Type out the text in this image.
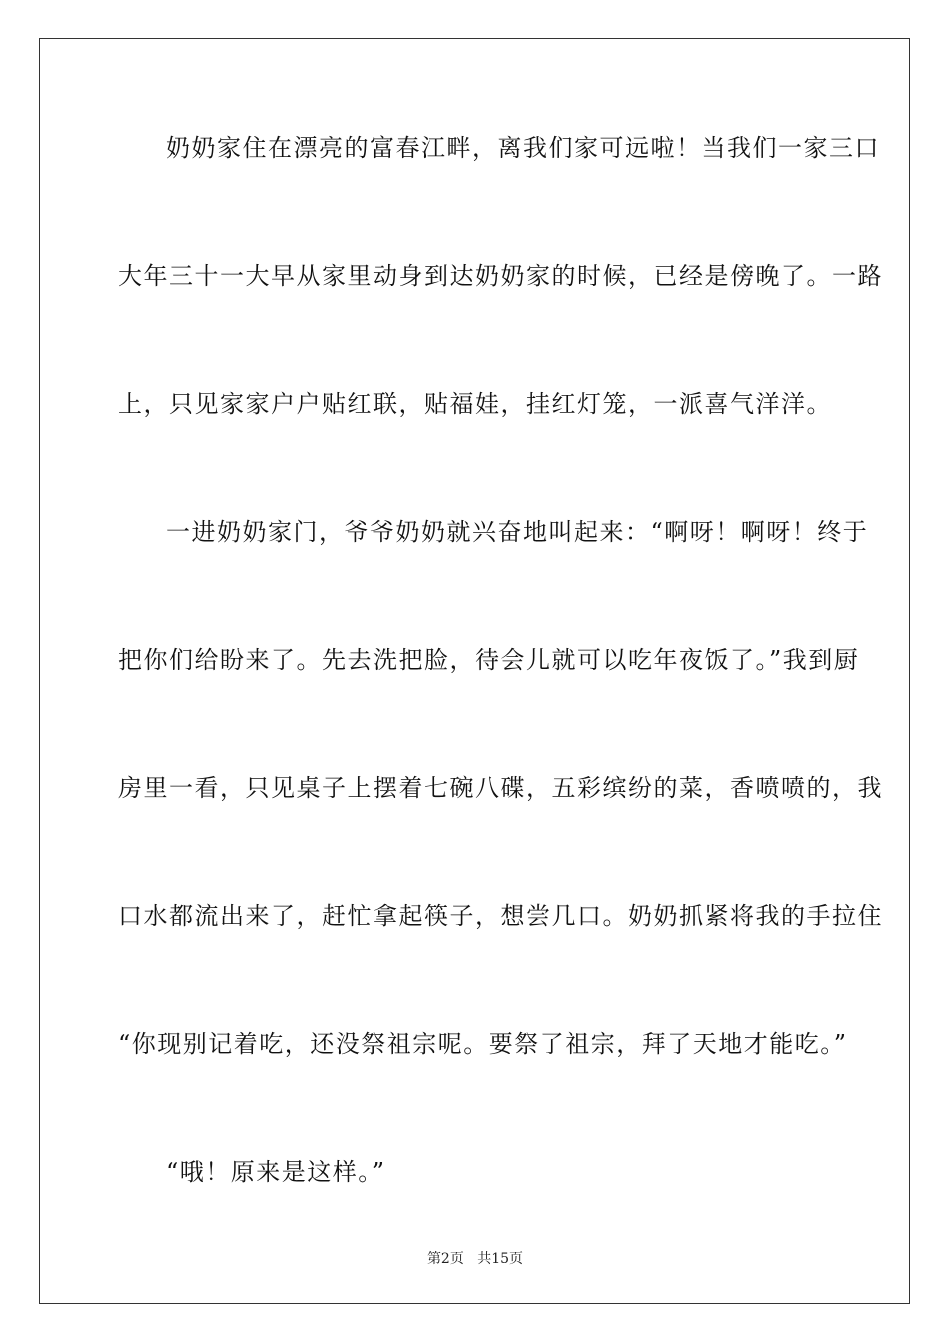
奶奶家住在漂亮的富春江畔，离我们家可远啦！当我们一家三口
大年三十一大早从家里动身到达奶奶家的时候，已经是傍晚了。一路
上，只见家家户户贴红联，贴福娃，挂红灯笼，一派喜气洋洋。
一进奶奶家门，爷爷奶奶就兴奋地叫起来：“啊呀！啊呀！终于
把你们给盼来了。先去洗把脸，待会儿就可以吃年夜饭了。”我到厨
房里一看，只见桌子上摆着七碗八碟，五彩缤纷的菜，香喷喷的，我
口水都流出来了，赶忙拿起筷子，想尝几口。奶奶抓紧将我的手拉住
“你现别记着吃，还没祭祖宗呢。要祭了祖宗，拜了天地才能吃。”
“哦！原来是这样。”
第2页 共15页
